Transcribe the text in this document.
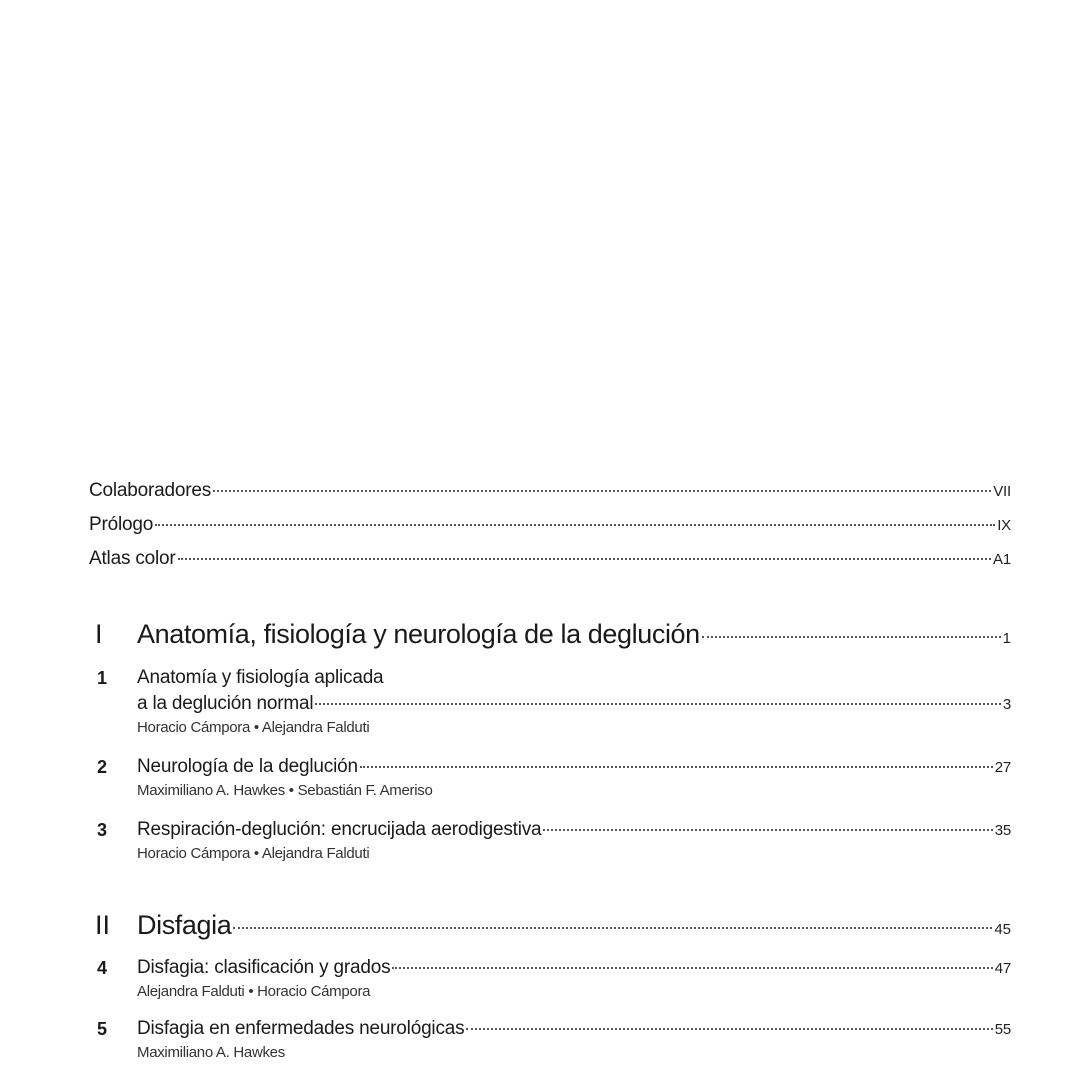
Colaboradores	VII
Prólogo	IX
Atlas color	A1
I	Anatomía, fisiología y neurología de la deglución	1
1	Anatomía y fisiología aplicada
a la deglución normal	3
Horacio Cámpora • Alejandra Falduti
2	Neurología de la deglución	27
Maximiliano A. Hawkes • Sebastián F. Ameriso
3	Respiración-deglución: encrucijada aerodigestiva	35
Horacio Cámpora • Alejandra Falduti
II Disfagia	45
4	Disfagia: clasificación y grados	47
Alejandra Falduti • Horacio Cámpora
5	Disfagia en enfermedades neurológicas	55
Maximiliano A. Hawkes
